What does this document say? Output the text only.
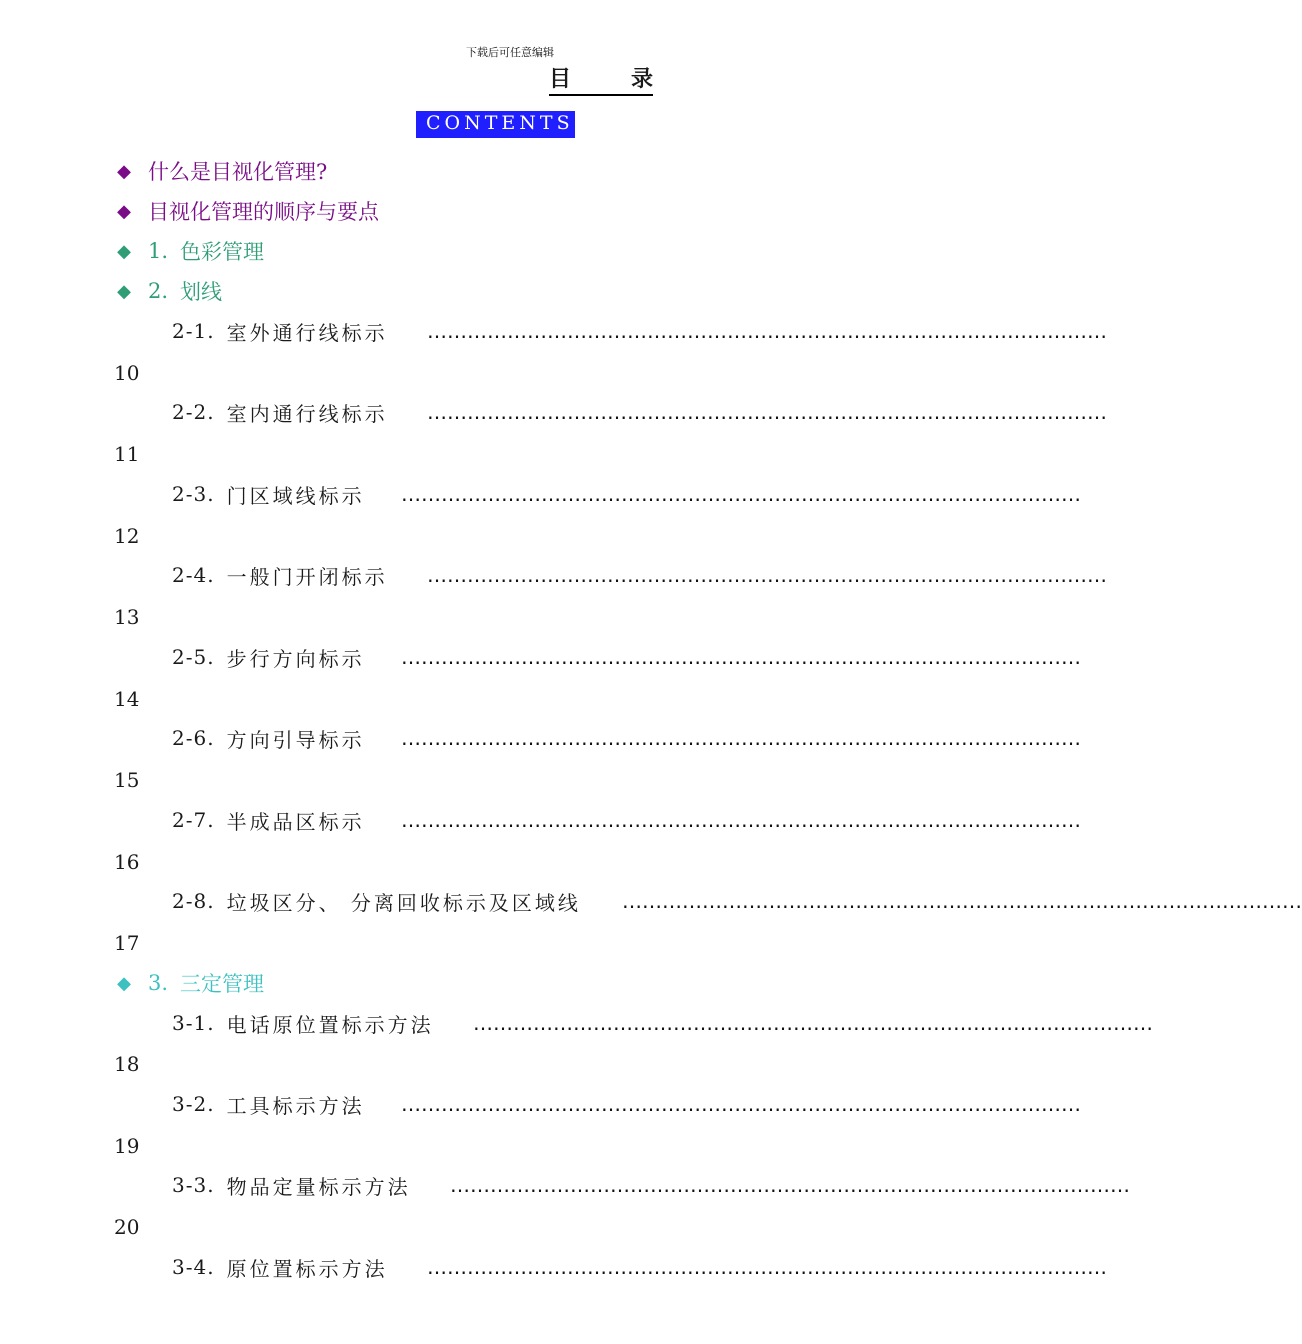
下载后可任意编辑
目	录
CONTENTS
◆ 什么是目视化管理?
◆ 目视化管理的顺序与要点
◆ 1. 色彩管理
◆ 2. 划线
2-1. 室外通行线标示 …………………………………………………………………………………………
10
2-2. 室内通行线标示 …………………………………………………………………………………………
11
2-3. 门区域线标示 …………………………………………………………………………………………
12
2-4. 一般门开闭标示 …………………………………………………………………………………………
13
2-5. 步行方向标示 …………………………………………………………………………………………
14
2-6. 方向引导标示 …………………………………………………………………………………………
15
2-7. 半成品区标示 …………………………………………………………………………………………
16
2-8. 垃圾区分、 分离回收标示及区域线 …………………………………………………………………………………………
17
◆ 3. 三定管理
3-1. 电话原位置标示方法 …………………………………………………………………………………………
18
3-2. 工具标示方法 …………………………………………………………………………………………
19
3-3. 物品定量标示方法 …………………………………………………………………………………………
20
3-4. 原位置标示方法 …………………………………………………………………………………………
